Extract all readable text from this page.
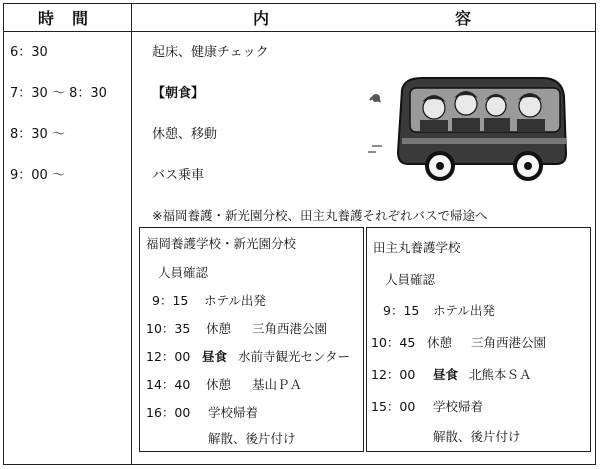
時　間	内	容
6：30
7：30 ～ 8：30
8：30 ～
9：00 ～
起床、健康チェック
【朝食】
休憩、移動
バス乗車
※福岡養護・新光園分校、田主丸養護それぞれバスで帰途へ
福岡養護学校・新光園分校
人員確認
9：15 ホテル出発
10：35 休憩 三角西港公園
12：00 昼食 水前寺観光センター
14：40 休憩 基山ＰＡ
16：00 学校帰着
解散、後片付け
田主丸養護学校
人員確認
9：15 ホテル出発
10：45 休憩 三角西港公園
12：00 昼食 北熊本ＳＡ
15：00 学校帰着
解散、後片付け
